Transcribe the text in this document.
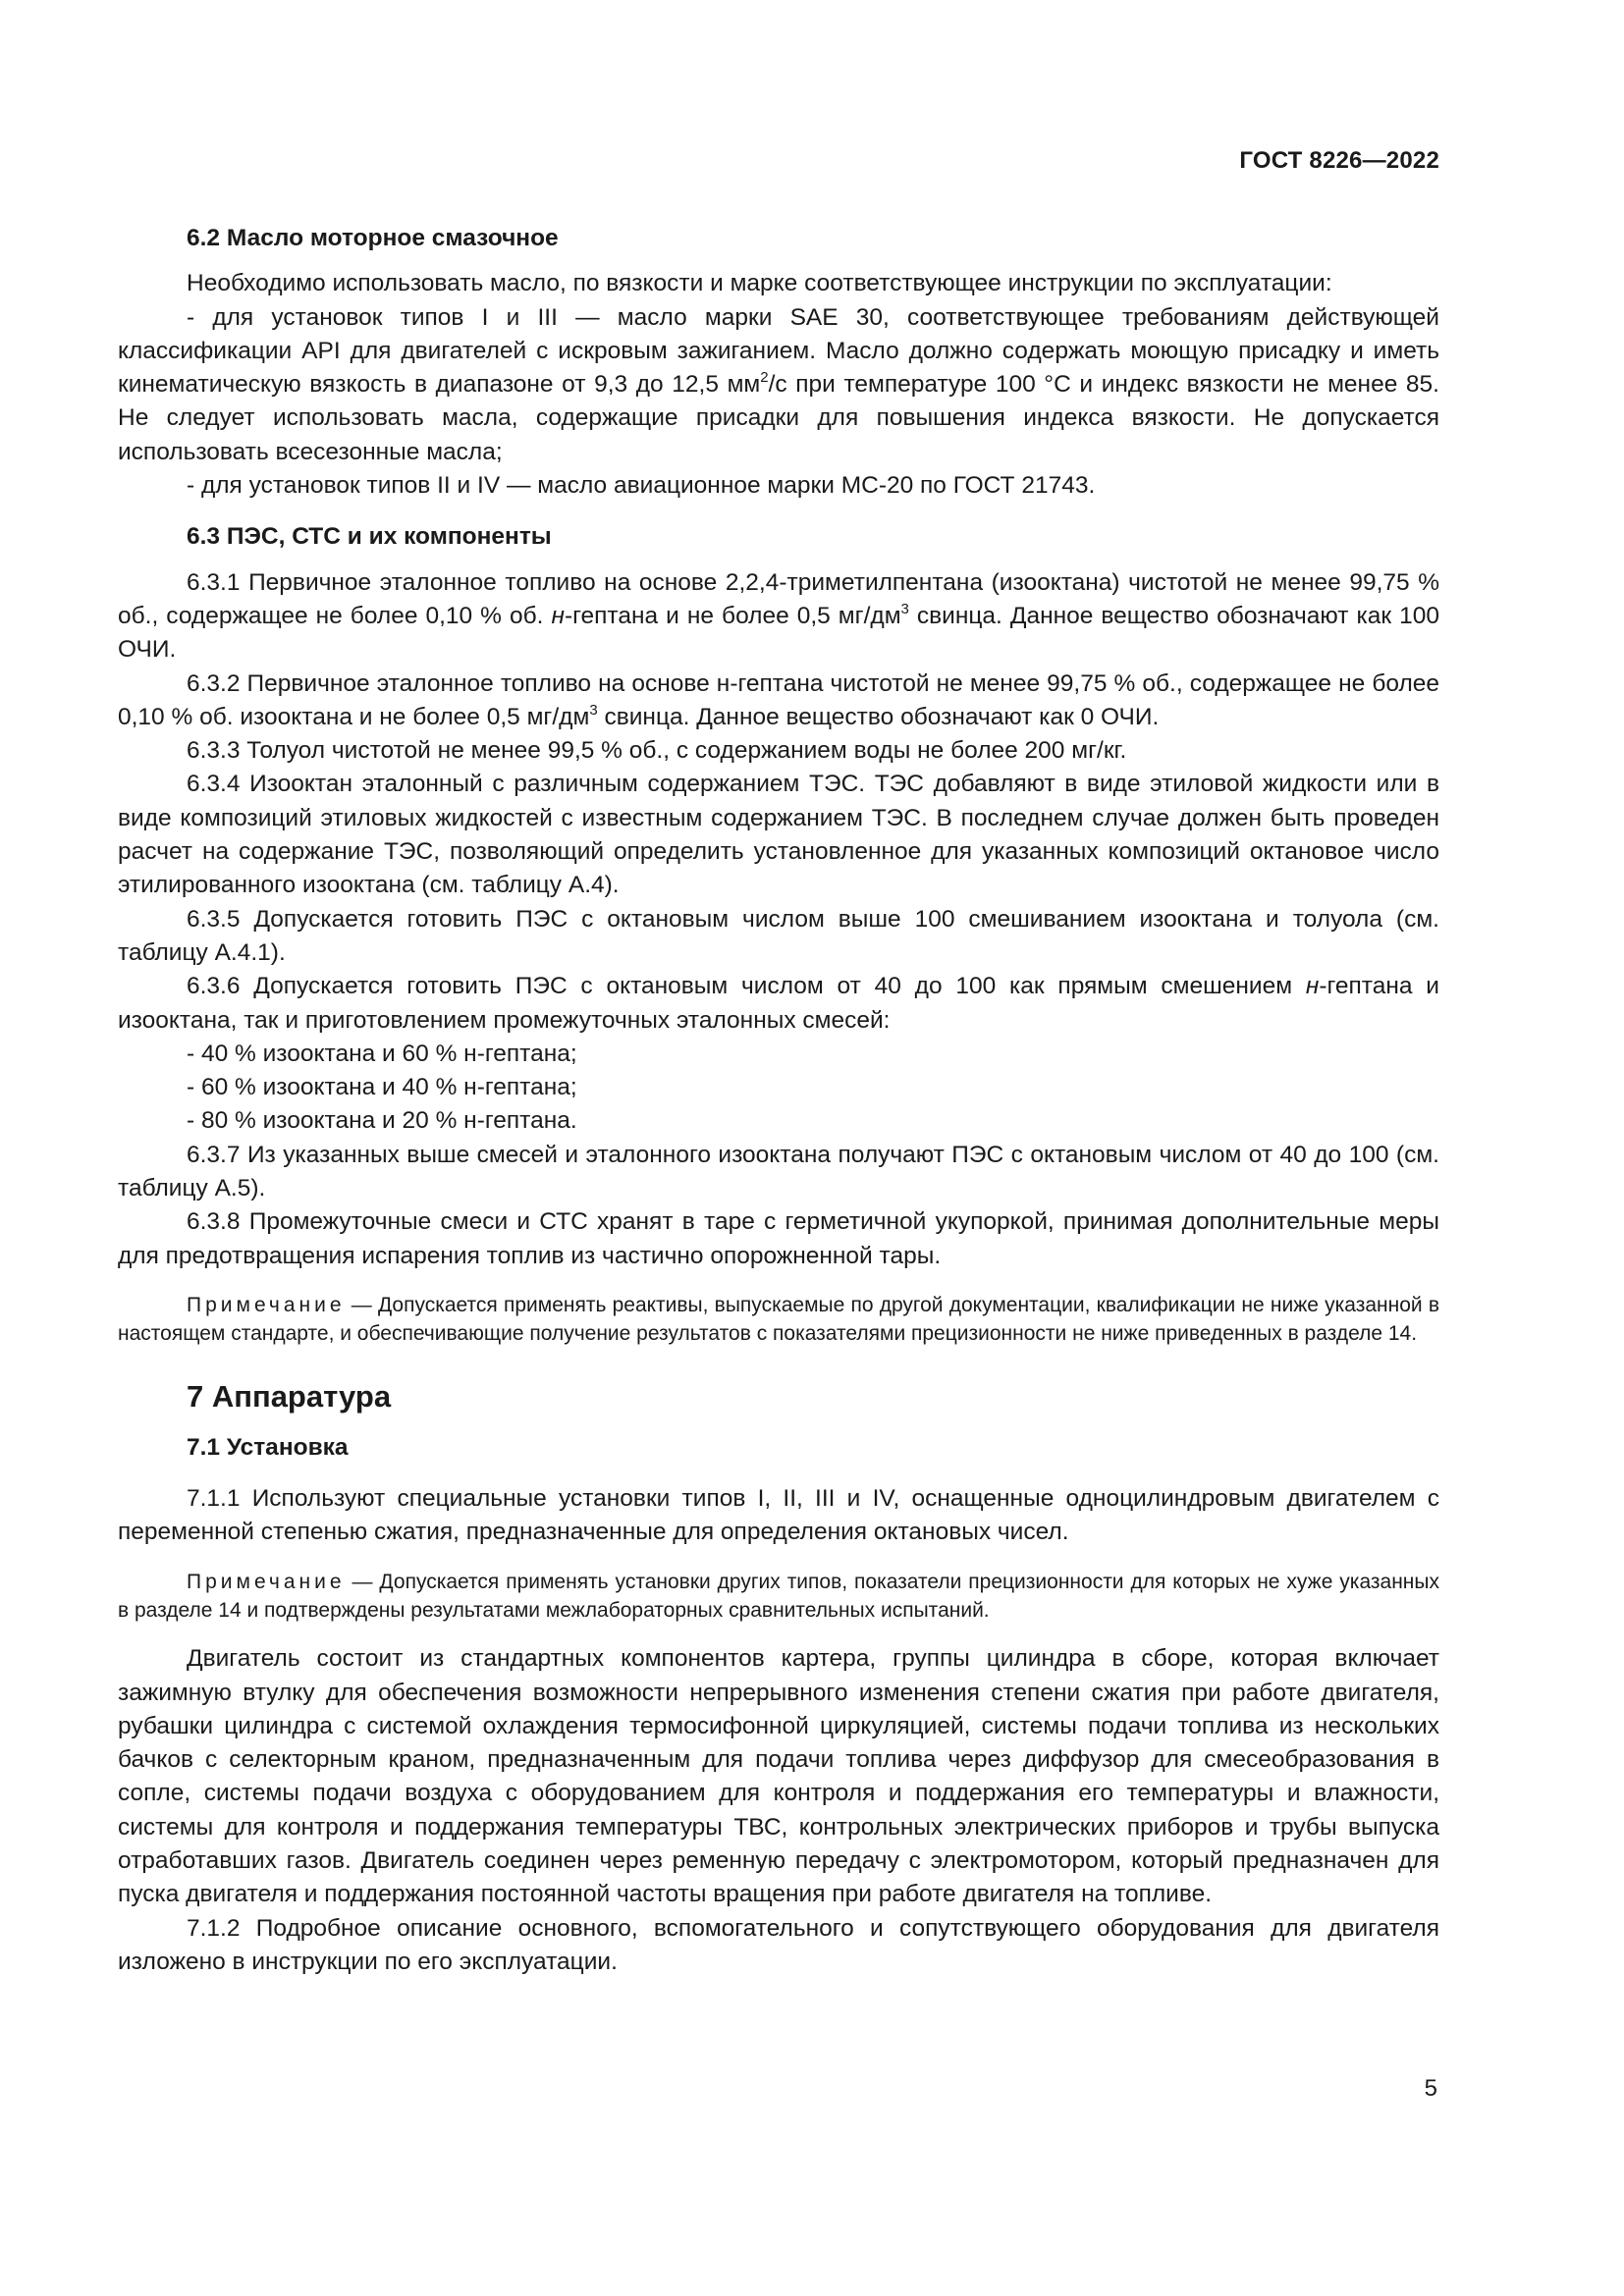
ГОСТ 8226—2022
6.2 Масло моторное смазочное

Необходимо использовать масло, по вязкости и марке соответствующее инструкции по эксплуатации:

- для установок типов I и III — масло марки SAE 30, соответствующее требованиям действующей классификации API для двигателей с искровым зажиганием. Масло должно содержать моющую присадку и иметь кинематическую вязкость в диапазоне от 9,3 до 12,5 $мм^2/с$ при температуре 100 °C и индекс вязкости не менее 85. Не следует использовать масла, содержащие присадки для повышения индекса вязкости. Не допускается использовать всесезонные масла;

- для установок типов II и IV — масло авиационное марки МС-20 по ГОСТ 21743.

6.3 ПЭС, СТС и их компоненты

6.3.1 Первичное эталонное топливо на основе 2,2,4-триметилпентана (изооктана) чистотой не менее 99,75 % об., содержащее не более 0,10 % об. н-гептана и не более 0,5 $мг/дм^3$ свинца. Данное вещество обозначают как 100 ОЧИ.

6.3.2 Первичное эталонное топливо на основе н-гептана чистотой не менее 99,75 % об., содержащее не более 0,10 % об. изооктана и не более 0,5 $мг/дм^3$ свинца. Данное вещество обозначают как 0 ОЧИ.

6.3.3 Толуол чистотой не менее 99,5 % об., с содержанием воды не более 200 мг/кг.

6.3.4 Изооктан эталонный с различным содержанием ТЭС. ТЭС добавляют в виде этиловой жидкости или в виде композиций этиловых жидкостей с известным содержанием ТЭС. В последнем случае должен быть проведен расчет на содержание ТЭС, позволяющий определить установленное для указанных композиций октановое число этилированного изооктана (см. таблицу А.4).

6.3.5 Допускается готовить ПЭС с октановым числом выше 100 смешиванием изооктана и толуола (см. таблицу А.4.1).

6.3.6 Допускается готовить ПЭС с октановым числом от 40 до 100 как прямым смешением н-гептана и изооктана, так и приготовлением промежуточных эталонных смесей:

- 40 % изооктана и 60 % н-гептана;

- 60 % изооктана и 40 % н-гептана;

- 80 % изооктана и 20 % н-гептана.

6.3.7 Из указанных выше смесей и эталонного изооктана получают ПЭС с октановым числом от 40 до 100 (см. таблицу А.5).

6.3.8 Промежуточные смеси и СТС хранят в таре с герметичной укупоркой, принимая дополнительные меры для предотвращения испарения топлив из частично опорожненной тары.

Примечание — Допускается применять реактивы, выпускаемые по другой документации, квалификации не ниже указанной в настоящем стандарте, и обеспечивающие получение результатов с показателями прецизионности не ниже приведенных в разделе 14.

7 Аппаратура
7.1 Установка

7.1.1 Используют специальные установки типов I, II, III и IV, оснащенные одноцилиндровым двигателем с переменной степенью сжатия, предназначенные для определения октановых чисел.

Примечание — Допускается применять установки других типов, показатели прецизионности для которых не хуже указанных в разделе 14 и подтверждены результатами межлабораторных сравнительных испытаний.

Двигатель состоит из стандартных компонентов картера, группы цилиндра в сборе, которая включает зажимную втулку для обеспечения возможности непрерывного изменения степени сжатия при работе двигателя, рубашки цилиндра с системой охлаждения термосифонной циркуляцией, системы подачи топлива из нескольких бачков с селекторным краном, предназначенным для подачи топлива через диффузор для смесеобразования в сопле, системы подачи воздуха с оборудованием для контроля и поддержания его температуры и влажности, системы для контроля и поддержания температуры ТВС, контрольных электрических приборов и трубы выпуска отработавших газов. Двигатель соединен через ременную передачу с электромотором, который предназначен для пуска двигателя и поддержания постоянной частоты вращения при работе двигателя на топливе.

7.1.2 Подробное описание основного, вспомогательного и сопутствующего оборудования для двигателя изложено в инструкции по его эксплуатации.

5
